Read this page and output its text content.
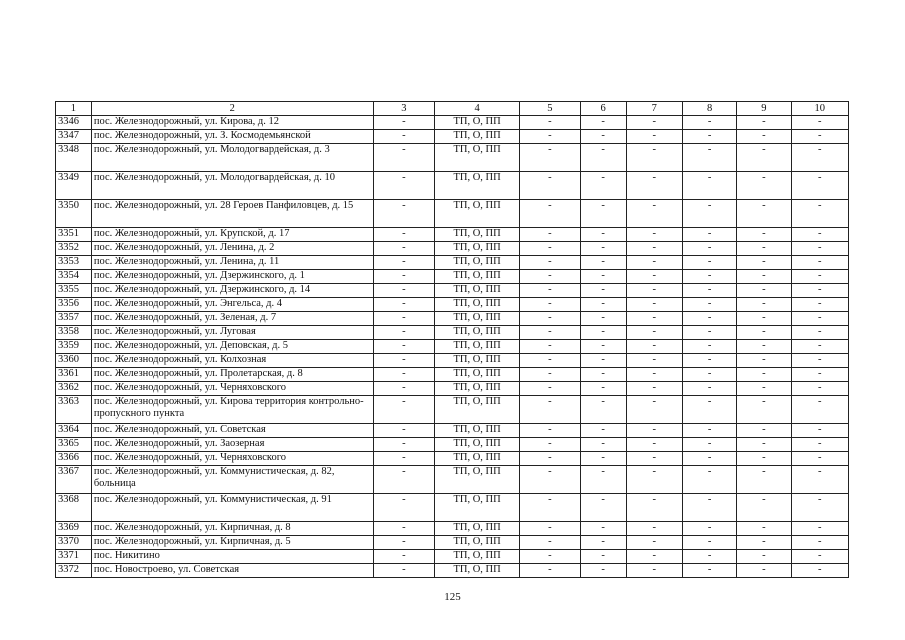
1	2	3	4	5	6	7	8	9	10
3346	пос. Железнодорожный, ул. Кирова, д. 12	-	ТП, О, ПП	-	-	-	-	-	-
3347	пос. Железнодорожный, ул. З. Космодемьянской	-	ТП, О, ПП	-	-	-	-	-	-
3348	пос. Железнодорожный, ул. Молодогвардейская, д. 3	-	ТП, О, ПП	-	-	-	-	-	-
3349	пос. Железнодорожный, ул. Молодогвардейская, д. 10	-	ТП, О, ПП	-	-	-	-	-	-
3350	пос. Железнодорожный, ул. 28 Героев Панфиловцев, д. 15	-	ТП, О, ПП	-	-	-	-	-	-
3351	пос. Железнодорожный, ул. Крупской, д. 17	-	ТП, О, ПП	-	-	-	-	-	-
3352	пос. Железнодорожный, ул. Ленина, д. 2	-	ТП, О, ПП	-	-	-	-	-	-
3353	пос. Железнодорожный, ул. Ленина, д. 11	-	ТП, О, ПП	-	-	-	-	-	-
3354	пос. Железнодорожный, ул. Дзержинского, д. 1	-	ТП, О, ПП	-	-	-	-	-	-
3355	пос. Железнодорожный, ул. Дзержинского, д. 14	-	ТП, О, ПП	-	-	-	-	-	-
3356	пос. Железнодорожный, ул. Энгельса, д. 4	-	ТП, О, ПП	-	-	-	-	-	-
3357	пос. Железнодорожный, ул. Зеленая, д. 7	-	ТП, О, ПП	-	-	-	-	-	-
3358	пос. Железнодорожный, ул. Луговая	-	ТП, О, ПП	-	-	-	-	-	-
3359	пос. Железнодорожный, ул. Деповская, д. 5	-	ТП, О, ПП	-	-	-	-	-	-
3360	пос. Железнодорожный, ул. Колхозная	-	ТП, О, ПП	-	-	-	-	-	-
3361	пос. Железнодорожный, ул. Пролетарская, д. 8	-	ТП, О, ПП	-	-	-	-	-	-
3362	пос. Железнодорожный, ул. Черняховского	-	ТП, О, ПП	-	-	-	-	-	-
3363	пос. Железнодорожный, ул. Кирова территория контрольно-пропускного пункта	-	ТП, О, ПП	-	-	-	-	-	-
3364	пос. Железнодорожный, ул. Советская	-	ТП, О, ПП	-	-	-	-	-	-
3365	пос. Железнодорожный, ул. Заозерная	-	ТП, О, ПП	-	-	-	-	-	-
3366	пос. Железнодорожный, ул. Черняховского	-	ТП, О, ПП	-	-	-	-	-	-
3367	пос. Железнодорожный, ул. Коммунистическая, д. 82, больница	-	ТП, О, ПП	-	-	-	-	-	-
3368	пос. Железнодорожный, ул. Коммунистическая, д. 91	-	ТП, О, ПП	-	-	-	-	-	-
3369	пос. Железнодорожный, ул. Кирпичная, д. 8	-	ТП, О, ПП	-	-	-	-	-	-
3370	пос. Железнодорожный, ул. Кирпичная, д. 5	-	ТП, О, ПП	-	-	-	-	-	-
3371	пос. Никитино	-	ТП, О, ПП	-	-	-	-	-	-
3372	пос. Новостроево, ул. Советская	-	ТП, О, ПП	-	-	-	-	-	-
125
